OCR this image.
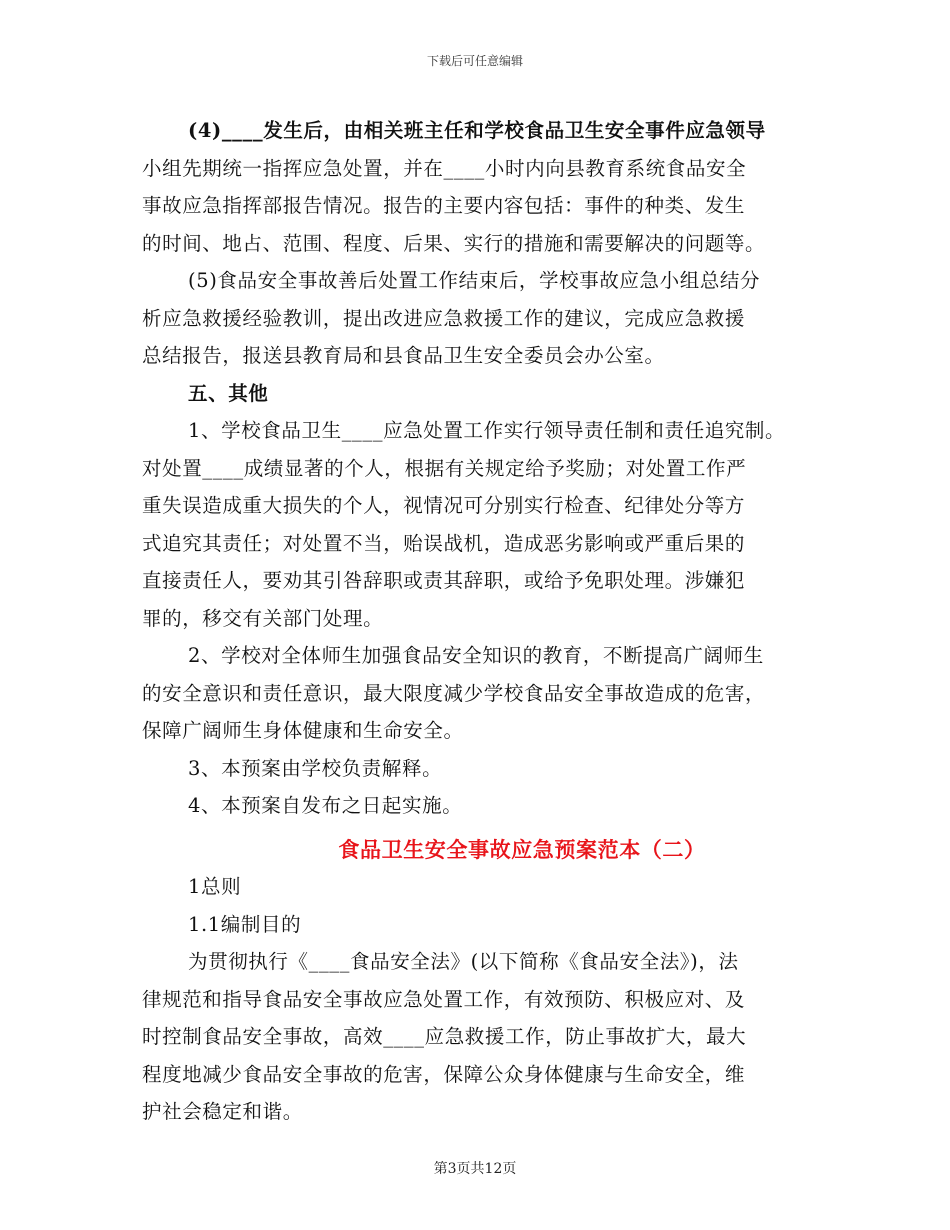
下载后可任意编辑

(4)____发生后，由相关班主任和学校食品卫生安全事件应急领导

小组先期统一指挥应急处置，并在____小时内向县教育系统食品安全

事故应急指挥部报告情况。报告的主要内容包括：事件的种类、发生

的时间、地占、范围、程度、后果、实行的措施和需要解决的问题等。

(5)食品安全事故善后处置工作结束后，学校事故应急小组总结分

析应急救援经验教训，提出改进应急救援工作的建议，完成应急救援

总结报告，报送县教育局和县食品卫生安全委员会办公室。

五、其他

1、学校食品卫生____应急处置工作实行领导责任制和责任追究制。

对处置____成绩显著的个人，根据有关规定给予奖励；对处置工作严

重失误造成重大损失的个人，视情况可分别实行检查、纪律处分等方

式追究其责任；对处置不当，贻误战机，造成恶劣影响或严重后果的

直接责任人，要劝其引咎辞职或责其辞职，或给予免职处理。涉嫌犯

罪的，移交有关部门处理。

2、学校对全体师生加强食品安全知识的教育，不断提高广阔师生

的安全意识和责任意识，最大限度减少学校食品安全事故造成的危害，

保障广阔师生身体健康和生命安全。

3、本预案由学校负责解释。

4、本预案自发布之日起实施。

食品卫生安全事故应急预案范本（二）

1总则

1.1编制目的

为贯彻执行《____食品安全法》(以下简称《食品安全法》)，法

律规范和指导食品安全事故应急处置工作，有效预防、积极应对、及

时控制食品安全事故，高效____应急救援工作，防止事故扩大，最大

程度地减少食品安全事故的危害，保障公众身体健康与生命安全，维

护社会稳定和谐。

第3页共12页
